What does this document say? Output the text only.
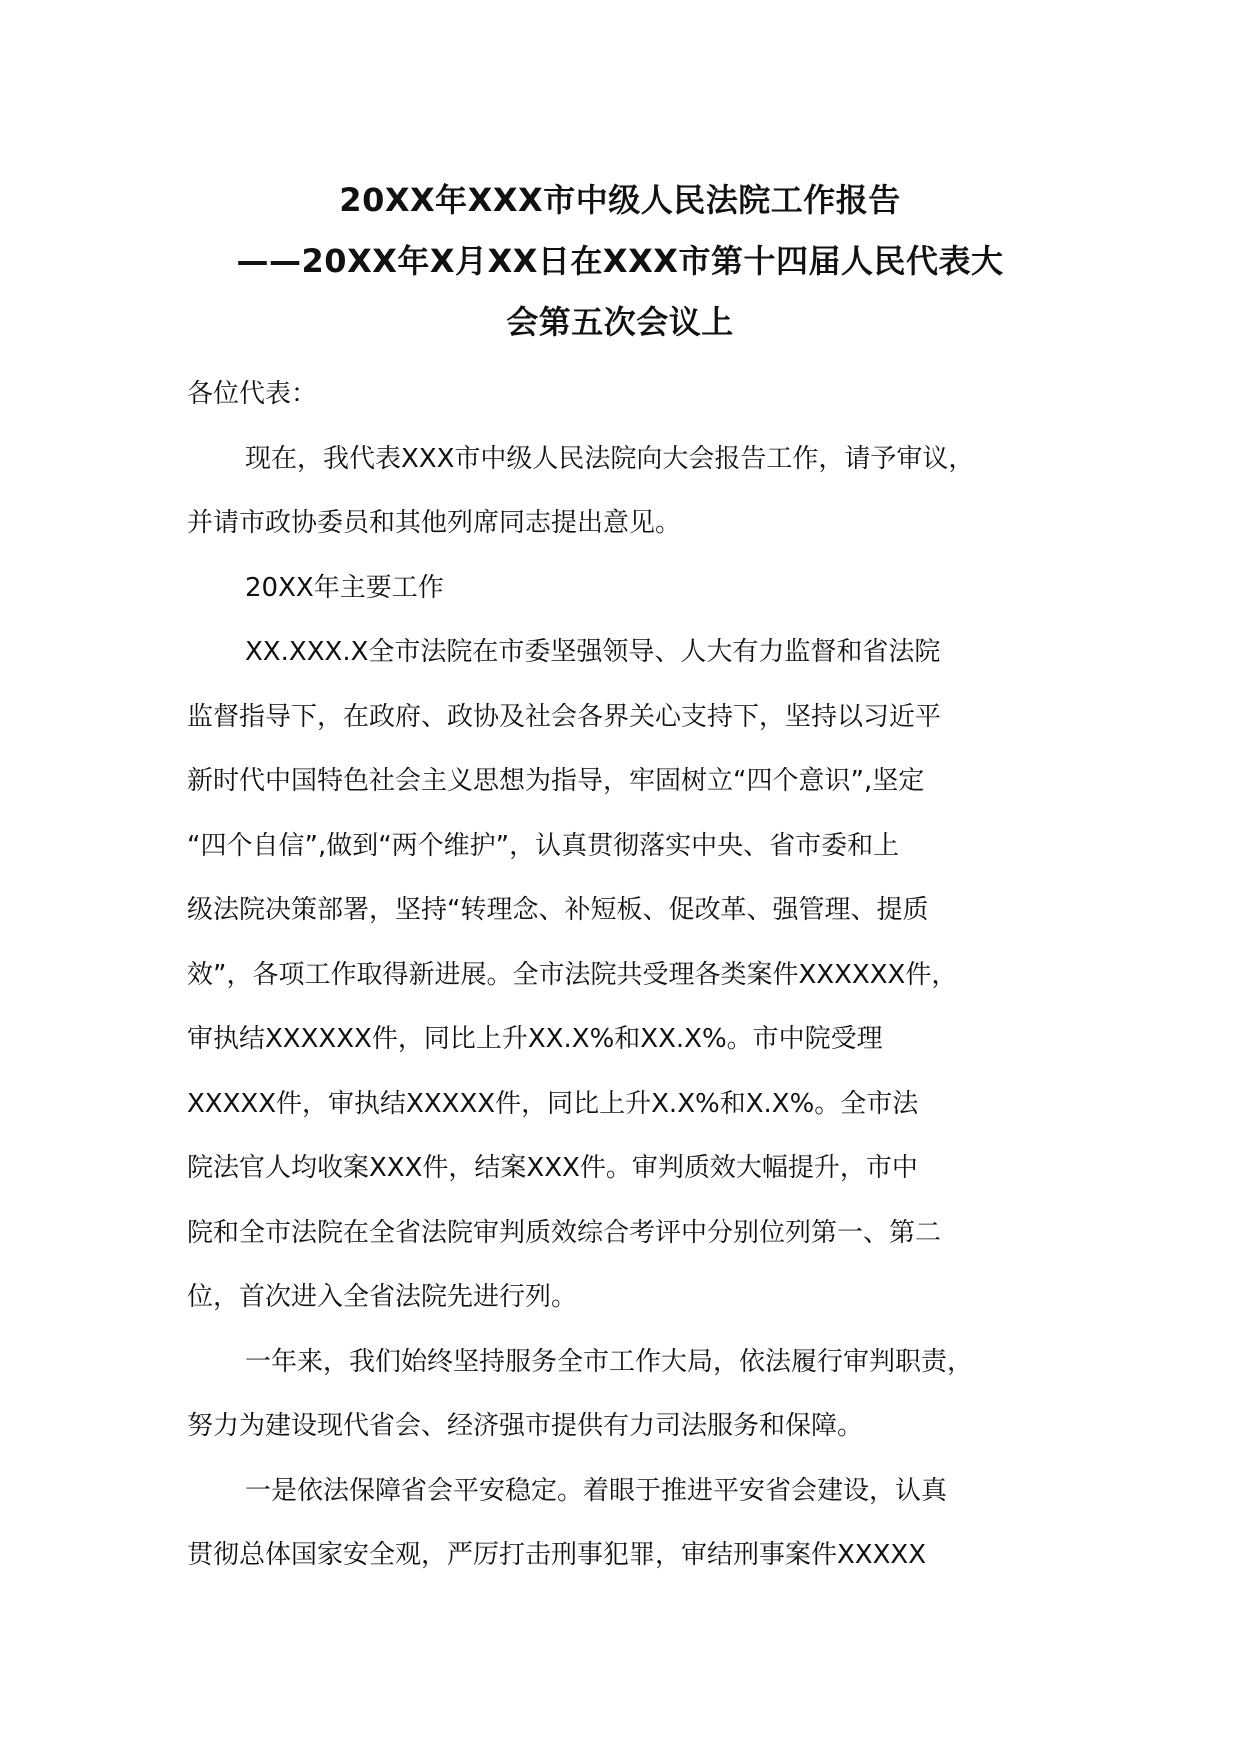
20XX年XXX市中级人民法院工作报告
——20XX年X月XX日在XXX市第十四届人民代表大
会第五次会议上
各位代表：
现在，我代表XXX市中级人民法院向大会报告工作，请予审议，
并请市政协委员和其他列席同志提出意见。
20XX年主要工作
XX.XXX.X全市法院在市委坚强领导、人大有力监督和省法院
监督指导下，在政府、政协及社会各界关心支持下，坚持以习近平
新时代中国特色社会主义思想为指导，牢固树立“四个意识”,坚定
“四个自信”,做到“两个维护”，认真贯彻落实中央、省市委和上
级法院决策部署，坚持“转理念、补短板、促改革、强管理、提质
效”，各项工作取得新进展。全市法院共受理各类案件XXXXXX件，
审执结XXXXXX件，同比上升XX.X%和XX.X%。市中院受理
XXXXX件，审执结XXXXX件，同比上升X.X%和X.X%。全市法
院法官人均收案XXX件，结案XXX件。审判质效大幅提升，市中
院和全市法院在全省法院审判质效综合考评中分别位列第一、第二
位，首次进入全省法院先进行列。
一年来，我们始终坚持服务全市工作大局，依法履行审判职责，
努力为建设现代省会、经济强市提供有力司法服务和保障。
一是依法保障省会平安稳定。着眼于推进平安省会建设，认真
贯彻总体国家安全观，严厉打击刑事犯罪，审结刑事案件XXXXX
